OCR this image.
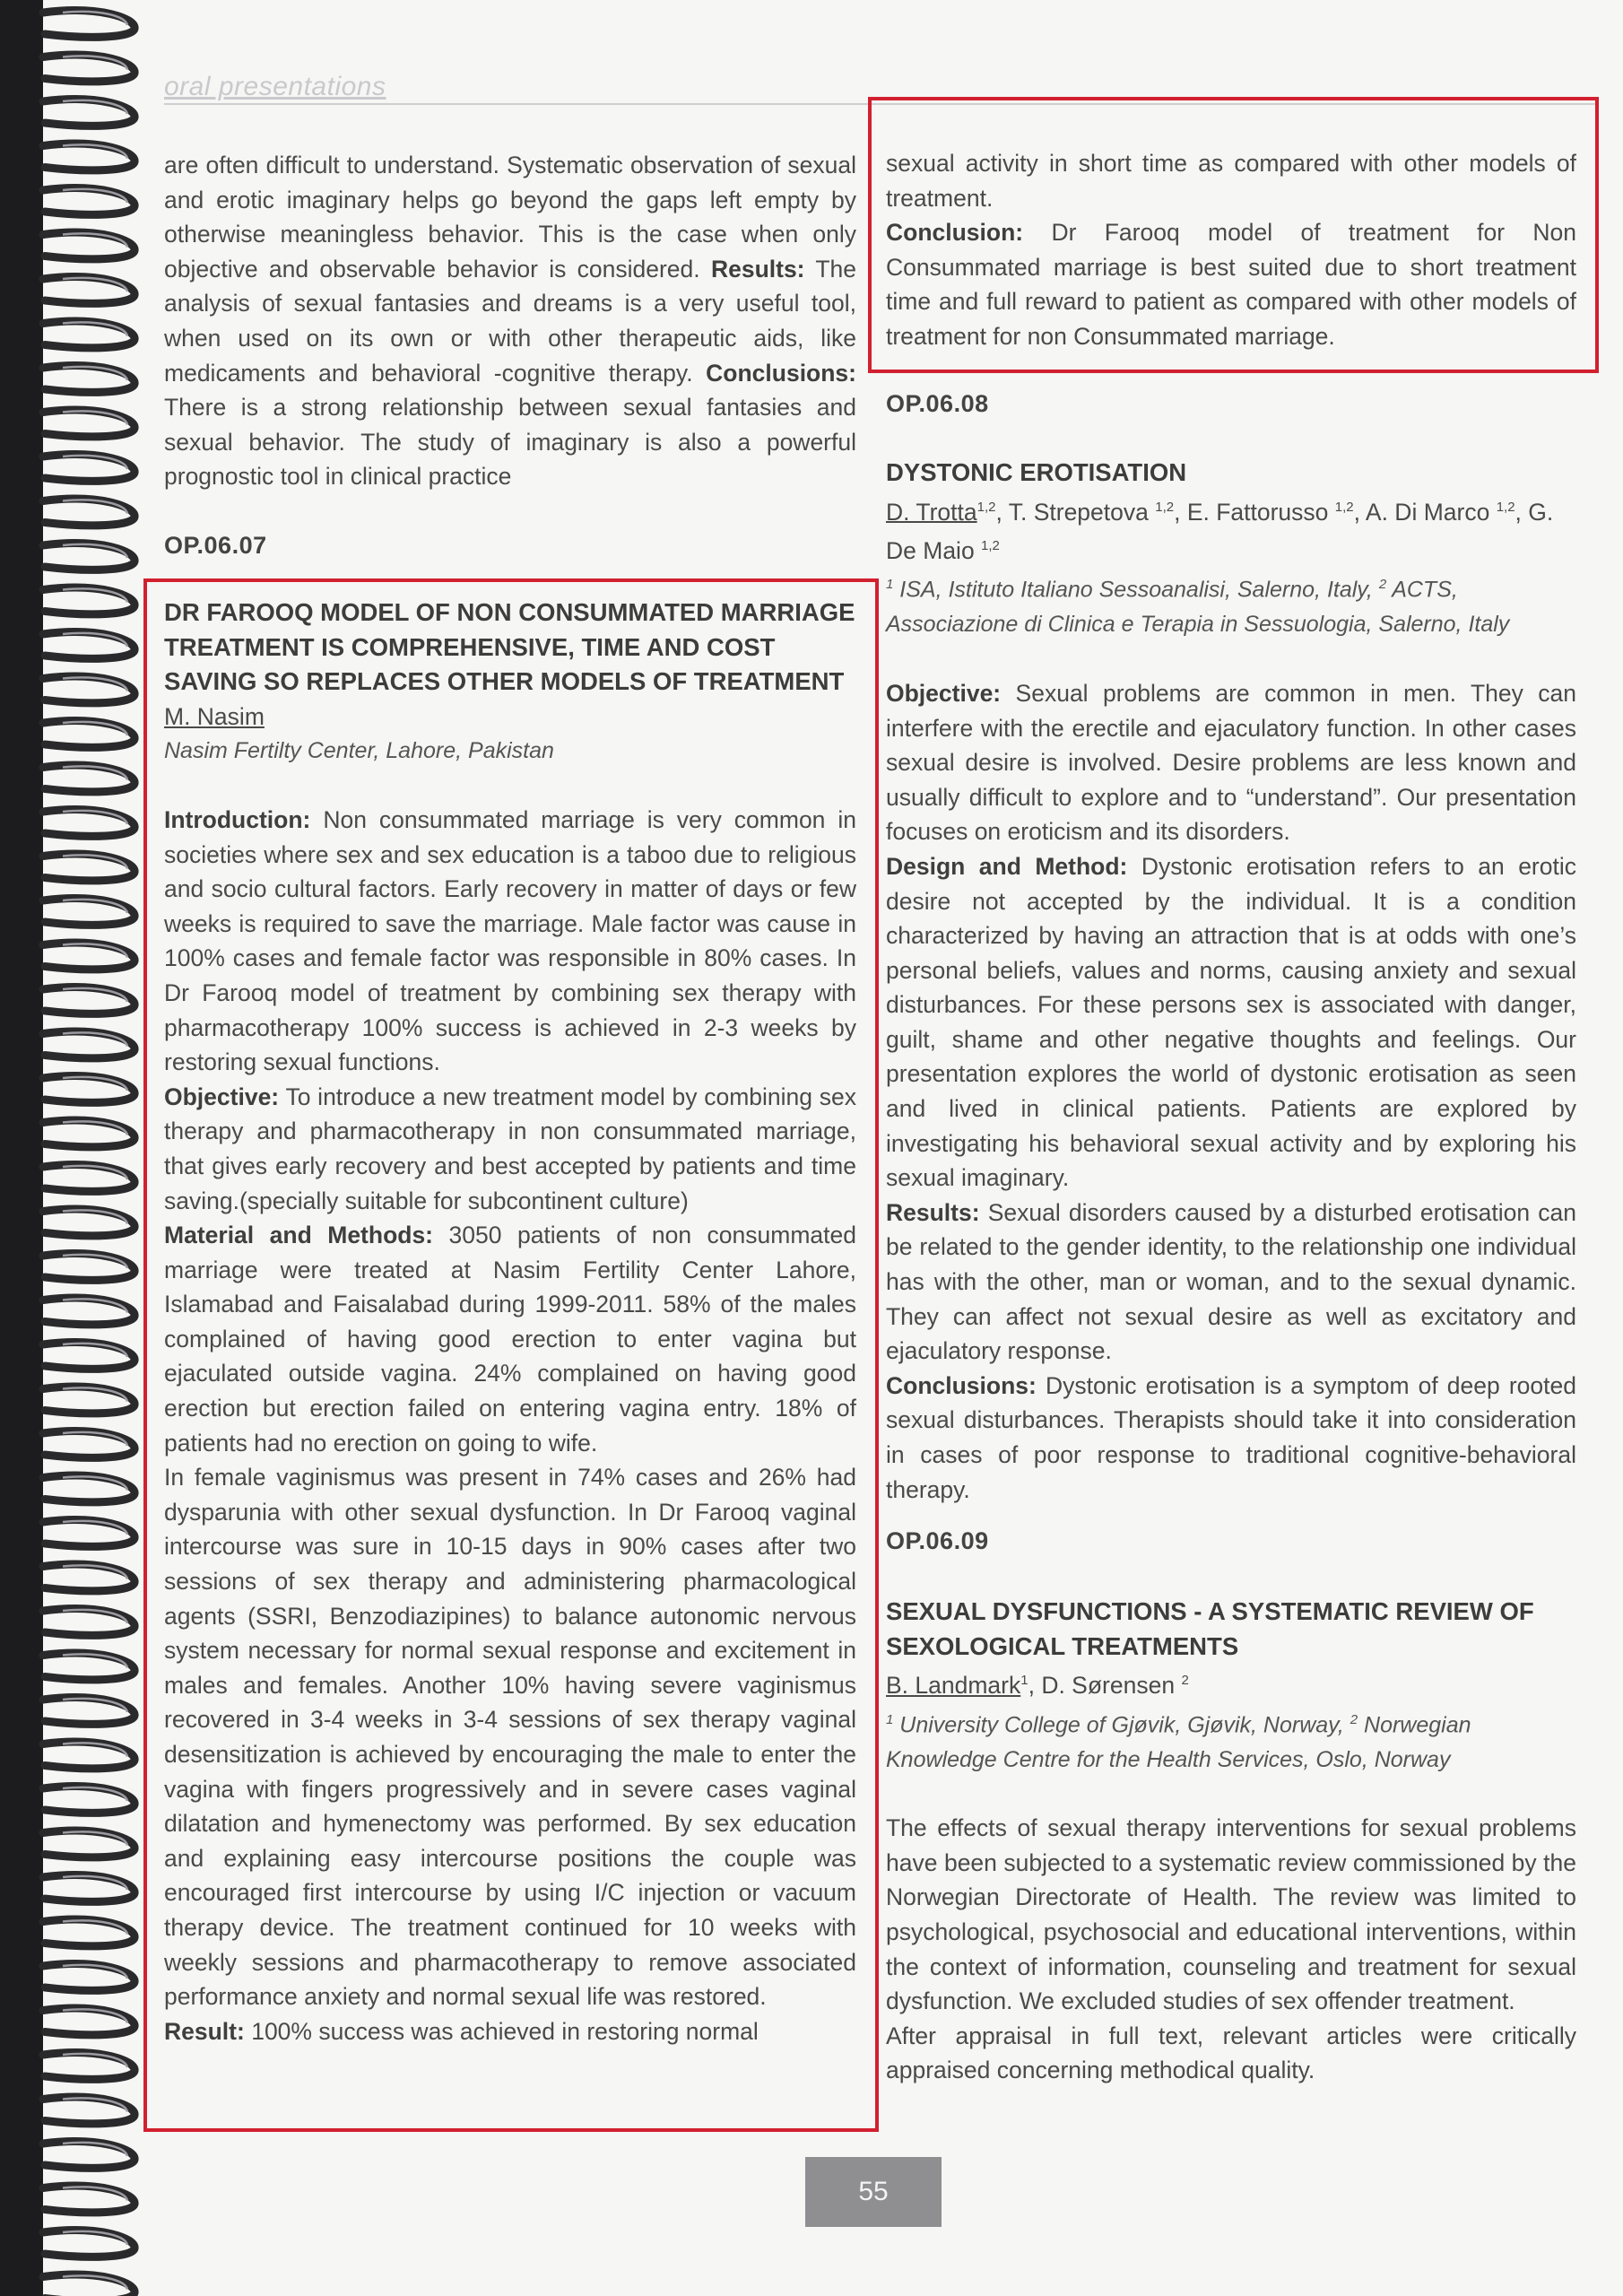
oral presentations

are often difficult to understand. Systematic observation of sexual and erotic imaginary helps go beyond the gaps left empty by otherwise meaningless behavior. This is the case when only objective and observable behavior is considered. Results: The analysis of sexual fantasies and dreams is a very useful tool, when used on its own or with other therapeutic aids, like medicaments and behavioral -cognitive therapy. Conclusions: There is a strong relationship between sexual fantasies and sexual behavior. The study of imaginary is also a powerful prognostic tool in clinical practice

OP.06.07

DR FAROOQ MODEL OF NON CONSUMMATED MARRIAGE TREATMENT IS COMPREHENSIVE, TIME AND COST SAVING SO REPLACES OTHER MODELS OF TREATMENT

M. Nasim

Nasim Fertilty Center, Lahore, Pakistan

Introduction: Non consummated marriage is very common in societies where sex and sex education is a taboo due to religious and socio cultural factors. Early recovery in matter of days or few weeks is required to save the marriage. Male factor was cause in 100% cases and female factor was responsible in 80% cases. In Dr Farooq model of treatment by combining sex therapy with pharmacotherapy 100% success is achieved in 2-3 weeks by restoring sexual functions.

Objective: To introduce a new treatment model by combining sex therapy and pharmacotherapy in non consummated marriage, that gives early recovery and best accepted by patients and time saving.(specially suitable for subcontinent culture)

Material and Methods: 3050 patients of non consummated marriage were treated at Nasim Fertility Center Lahore, Islamabad and Faisalabad during 1999-2011. 58% of the males complained of having good erection to enter vagina but ejaculated outside vagina. 24% complained on having good erection but erection failed on entering vagina entry. 18% of patients had no erection on going to wife.

In female vaginismus was present in 74% cases and 26% had dysparunia with other sexual dysfunction. In Dr Farooq vaginal intercourse was sure in 10-15 days in 90% cases after two sessions of sex therapy and administering pharmacological agents (SSRI, Benzodiazipines) to balance autonomic nervous system necessary for normal sexual response and excitement in males and females. Another 10% having severe vaginismus recovered in 3-4 weeks in 3-4 sessions of sex therapy vaginal desensitization is achieved by encouraging the male to enter the vagina with fingers progressively and in severe cases vaginal dilatation and hymenectomy was performed. By sex education and explaining easy intercourse positions the couple was encouraged first intercourse by using I/C injection or vacuum therapy device. The treatment continued for 10 weeks with weekly sessions and pharmacotherapy to remove associated performance anxiety and normal sexual life was restored.

Result: 100% success was achieved in restoring normal

sexual activity in short time as compared with other models of treatment.

Conclusion: Dr Farooq model of treatment for Non Consummated marriage is best suited due to short treatment time and full reward to patient as compared with other models of treatment for non Consummated marriage.

OP.06.08

DYSTONIC EROTISATION

D. Trotta$^{1,2}$, T. Strepetova $^{1,2}$, E. Fattorusso $^{1,2}$, A. Di Marco $^{1,2}$, G. De Maio $^{1,2}$

$^1$ ISA, Istituto Italiano Sessoanalisi, Salerno, Italy, $^2$ ACTS, Associazione di Clinica e Terapia in Sessuologia, Salerno, Italy

Objective: Sexual problems are common in men. They can interfere with the erectile and ejaculatory function. In other cases sexual desire is involved. Desire problems are less known and usually difficult to explore and to “understand”. Our presentation focuses on eroticism and its disorders.

Design and Method: Dystonic erotisation refers to an erotic desire not accepted by the individual. It is a condition characterized by having an attraction that is at odds with one’s personal beliefs, values and norms, causing anxiety and sexual disturbances. For these persons sex is associated with danger, guilt, shame and other negative thoughts and feelings. Our presentation explores the world of dystonic erotisation as seen and lived in clinical patients. Patients are explored by investigating his behavioral sexual activity and by exploring his sexual imaginary.

Results: Sexual disorders caused by a disturbed erotisation can be related to the gender identity, to the relationship one individual has with the other, man or woman, and to the sexual dynamic. They can affect not sexual desire as well as excitatory and ejaculatory response.

Conclusions: Dystonic erotisation is a symptom of deep rooted sexual disturbances. Therapists should take it into consideration in cases of poor response to traditional cognitive-behavioral therapy.

OP.06.09

SEXUAL DYSFUNCTIONS - A SYSTEMATIC REVIEW OF SEXOLOGICAL TREATMENTS

B. Landmark$^1$, D. Sørensen $^2$

$^1$ University College of Gjøvik, Gjøvik, Norway, $^2$ Norwegian Knowledge Centre for the Health Services, Oslo, Norway

The effects of sexual therapy interventions for sexual problems have been subjected to a systematic review commissioned by the Norwegian Directorate of Health. The review was limited to psychological, psychosocial and educational interventions, within the context of information, counseling and treatment for sexual dysfunction. We excluded studies of sex offender treatment.

After appraisal in full text, relevant articles were critically appraised concerning methodical quality.

55
